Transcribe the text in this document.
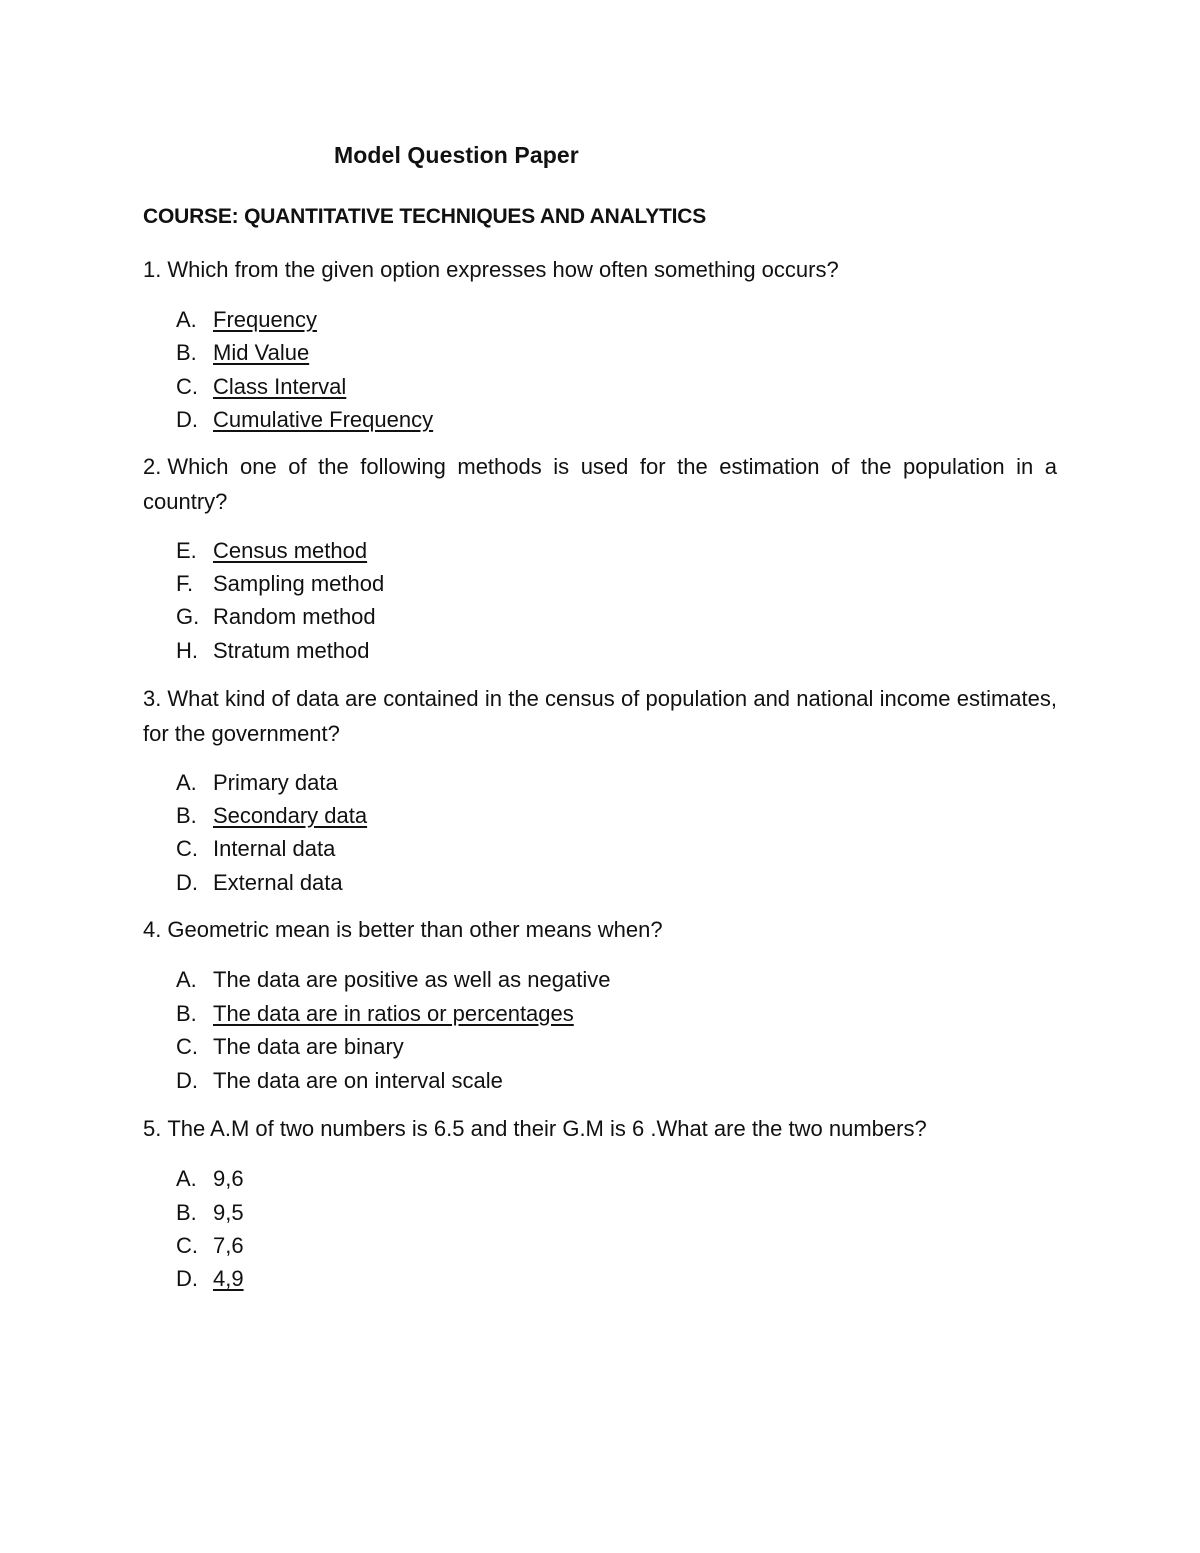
Model Question Paper
COURSE: QUANTITATIVE TECHNIQUES AND ANALYTICS
1. Which from the given option expresses how often something occurs?
A. Frequency
B. Mid Value
C. Class Interval
D. Cumulative Frequency
2. Which one of the following methods is used for the estimation of the population in a country?
E. Census method
F. Sampling method
G. Random method
H. Stratum method
3. What kind of data are contained in the census of population and national income estimates, for the government?
A. Primary data
B. Secondary data
C. Internal data
D. External data
4. Geometric mean is better than other means when?
A. The data are positive as well as negative
B. The data are in ratios or percentages
C. The data are binary
D. The data are on interval scale
5. The A.M of two numbers is 6.5 and their G.M is 6 .What are the two numbers?
A. 9,6
B. 9,5
C. 7,6
D. 4,9
